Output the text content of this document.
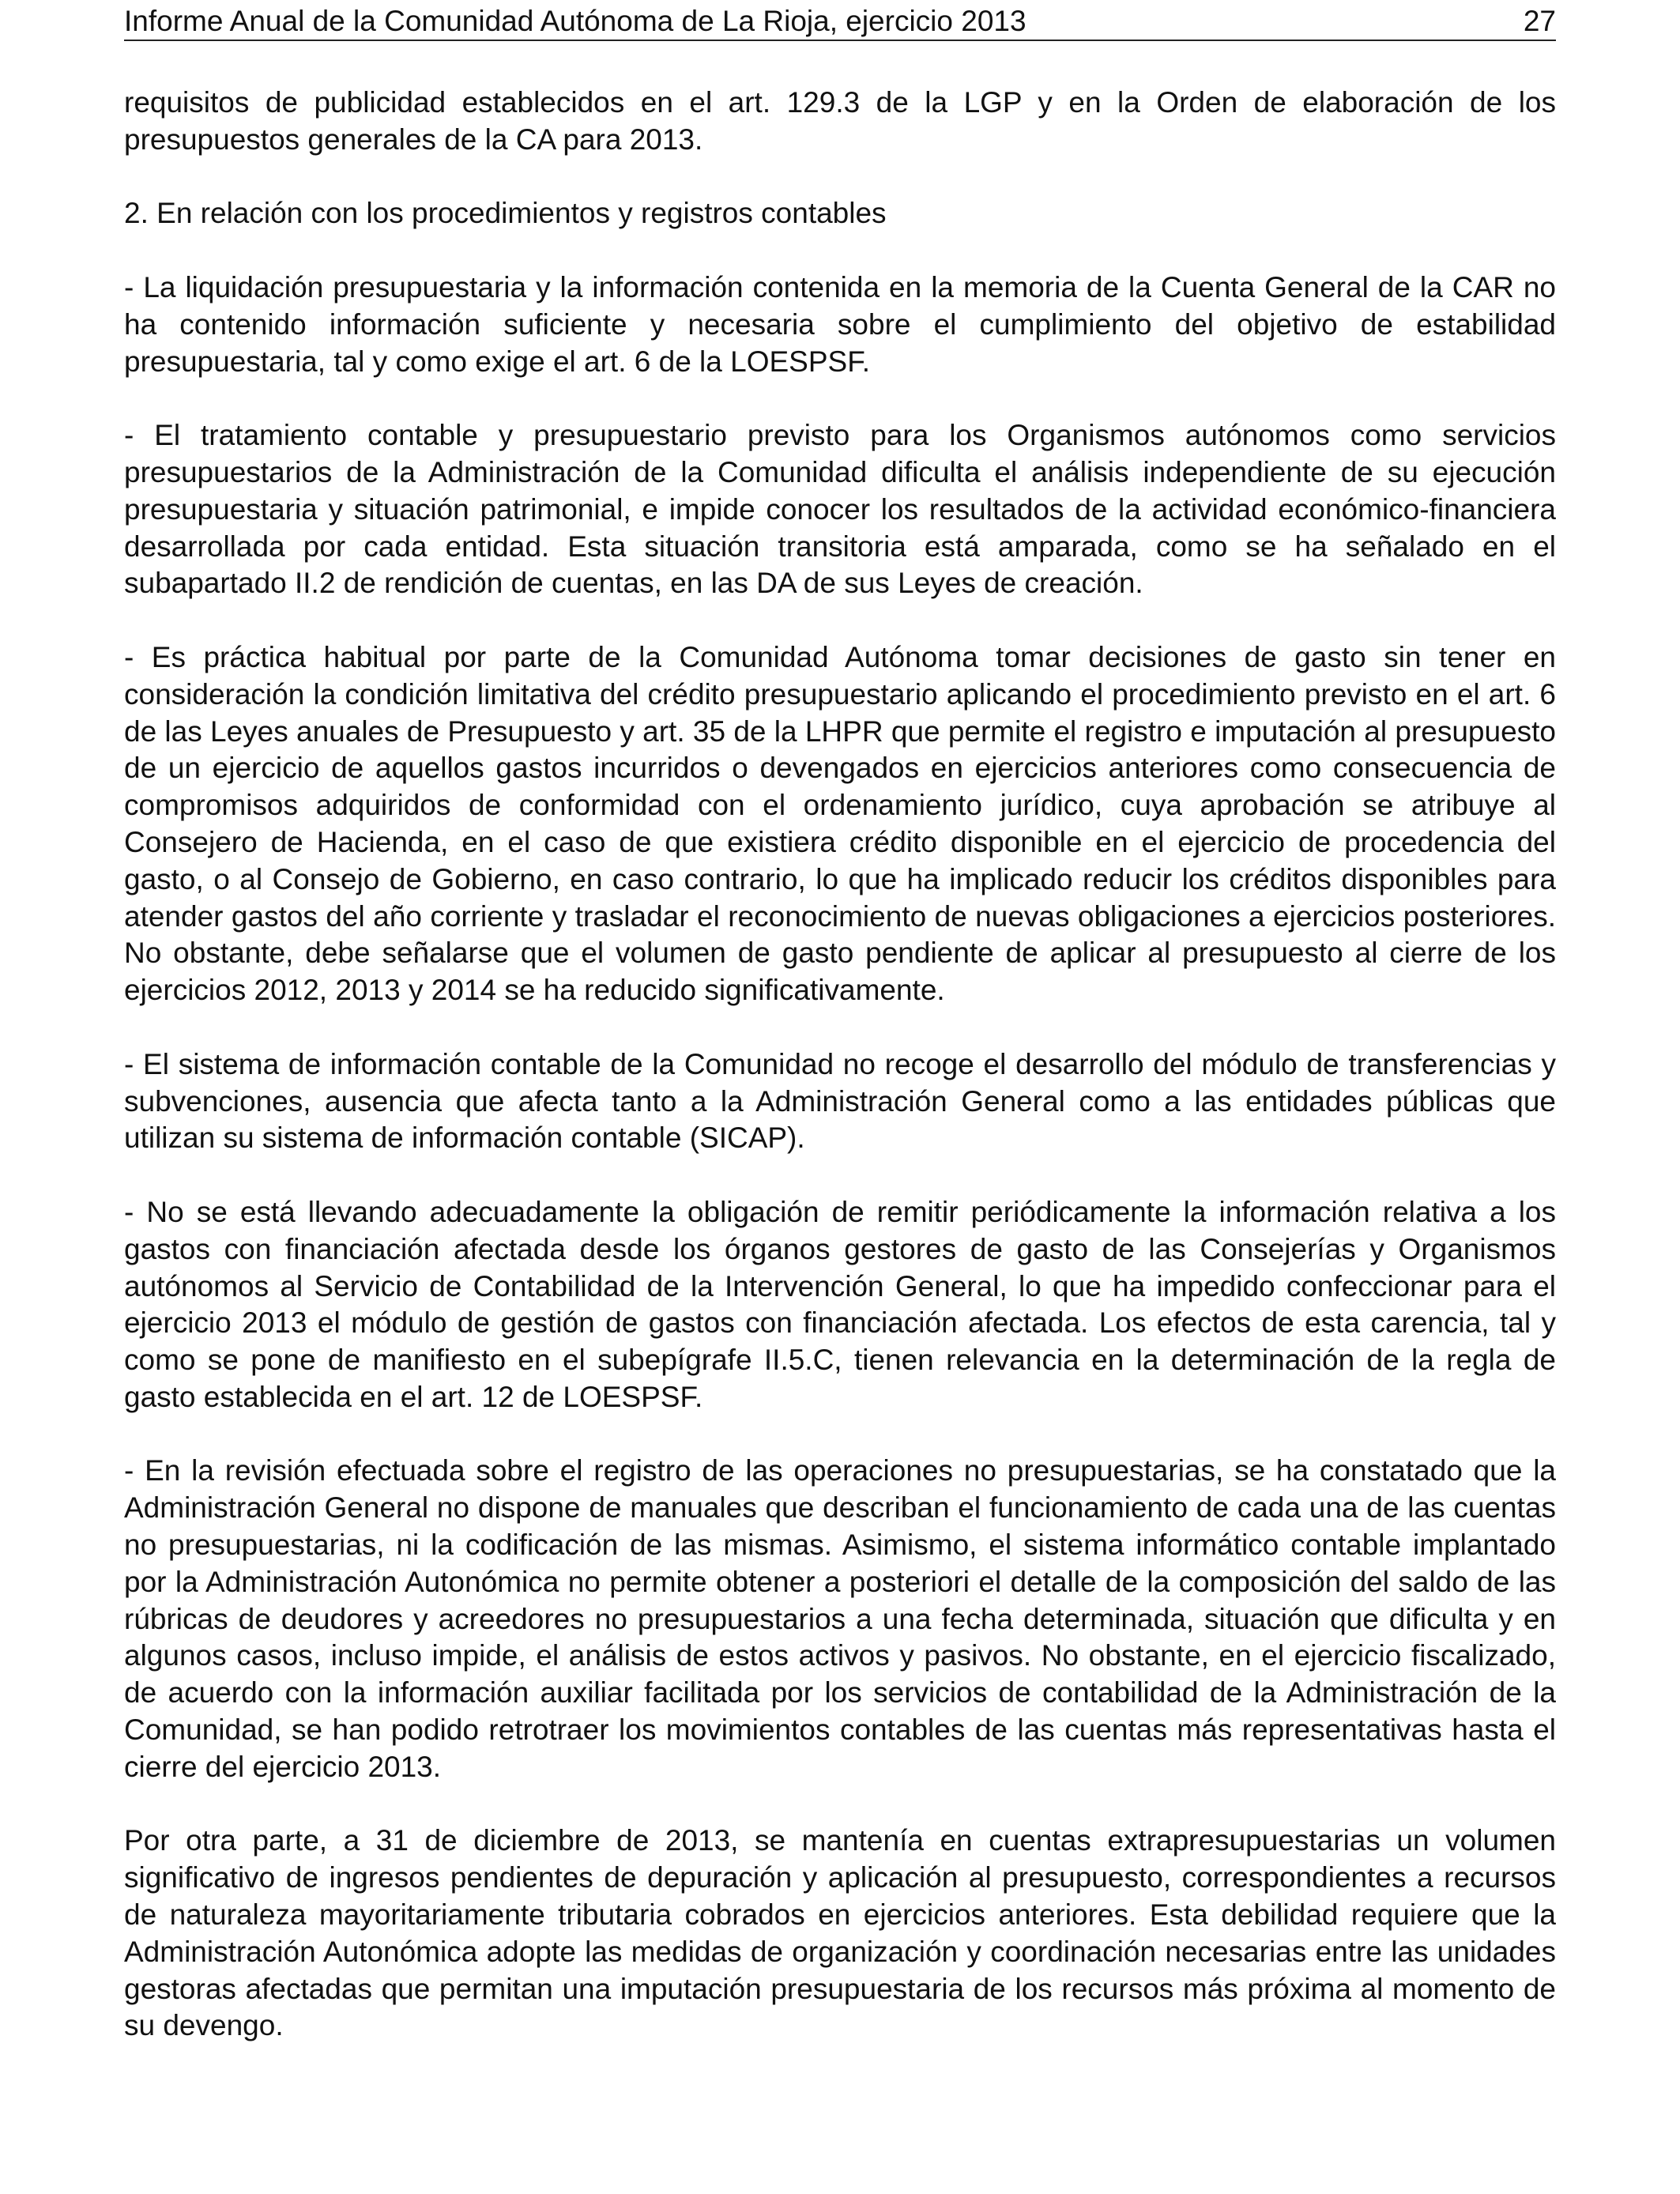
Informe Anual de la Comunidad Autónoma de La Rioja, ejercicio 2013	27

requisitos de publicidad establecidos en el art. 129.3 de la LGP y en la Orden de elaboración de los presupuestos generales de la CA para 2013.

2. En relación con los procedimientos y registros contables

- La liquidación presupuestaria y la información contenida en la memoria de la Cuenta General de la CAR no ha contenido información suficiente y necesaria sobre el cumplimiento del objetivo de estabilidad presupuestaria, tal y como exige el art. 6 de la LOESPSF.

- El tratamiento contable y presupuestario previsto para los Organismos autónomos como servicios presupuestarios de la Administración de la Comunidad dificulta el análisis independiente de su ejecución presupuestaria y situación patrimonial, e impide conocer los resultados de la actividad económico-financiera desarrollada por cada entidad. Esta situación transitoria está amparada, como se ha señalado en el subapartado II.2 de rendición de cuentas, en las DA de sus Leyes de creación.

- Es práctica habitual por parte de la Comunidad Autónoma tomar decisiones de gasto sin tener en consideración la condición limitativa del crédito presupuestario aplicando el procedimiento previsto en el art. 6 de las Leyes anuales de Presupuesto y art. 35 de la LHPR que permite el registro e imputación al presupuesto de un ejercicio de aquellos gastos incurridos o devengados en ejercicios anteriores como consecuencia de compromisos adquiridos de conformidad con el ordenamiento jurídico, cuya aprobación se atribuye al Consejero de Hacienda, en el caso de que existiera crédito disponible en el ejercicio de procedencia del gasto, o al Consejo de Gobierno, en caso contrario, lo que ha implicado reducir los créditos disponibles para atender gastos del año corriente y trasladar el reconocimiento de nuevas obligaciones a ejercicios posteriores. No obstante, debe señalarse que el volumen de gasto pendiente de aplicar al presupuesto al cierre de los ejercicios 2012, 2013 y 2014 se ha reducido significativamente.

- El sistema de información contable de la Comunidad no recoge el desarrollo del módulo de transferencias y subvenciones, ausencia que afecta tanto a la Administración General como a las entidades públicas que utilizan su sistema de información contable (SICAP).

- No se está llevando adecuadamente la obligación de remitir periódicamente la información relativa a los gastos con financiación afectada desde los órganos gestores de gasto de las Consejerías y Organismos autónomos al Servicio de Contabilidad de la Intervención General, lo que ha impedido confeccionar para el ejercicio 2013 el módulo de gestión de gastos con financiación afectada. Los efectos de esta carencia, tal y como se pone de manifiesto en el subepígrafe II.5.C, tienen relevancia en la determinación de la regla de gasto establecida en el art. 12 de LOESPSF.

- En la revisión efectuada sobre el registro de las operaciones no presupuestarias, se ha constatado que la Administración General no dispone de manuales que describan el funcionamiento de cada una de las cuentas no presupuestarias, ni la codificación de las mismas. Asimismo, el sistema informático contable implantado por la Administración Autonómica no permite obtener a posteriori el detalle de la composición del saldo de las rúbricas de deudores y acreedores no presupuestarios a una fecha determinada, situación que dificulta y en algunos casos, incluso impide, el análisis de estos activos y pasivos. No obstante, en el ejercicio fiscalizado, de acuerdo con la información auxiliar facilitada por los servicios de contabilidad de la Administración de la Comunidad, se han podido retrotraer los movimientos contables de las cuentas más representativas hasta el cierre del ejercicio 2013.

Por otra parte, a 31 de diciembre de 2013, se mantenía en cuentas extrapresupuestarias un volumen significativo de ingresos pendientes de depuración y aplicación al presupuesto, correspondientes a recursos de naturaleza mayoritariamente tributaria cobrados en ejercicios anteriores. Esta debilidad requiere que la Administración Autonómica adopte las medidas de organización y coordinación necesarias entre las unidades gestoras afectadas que permitan una imputación presupuestaria de los recursos más próxima al momento de su devengo.
